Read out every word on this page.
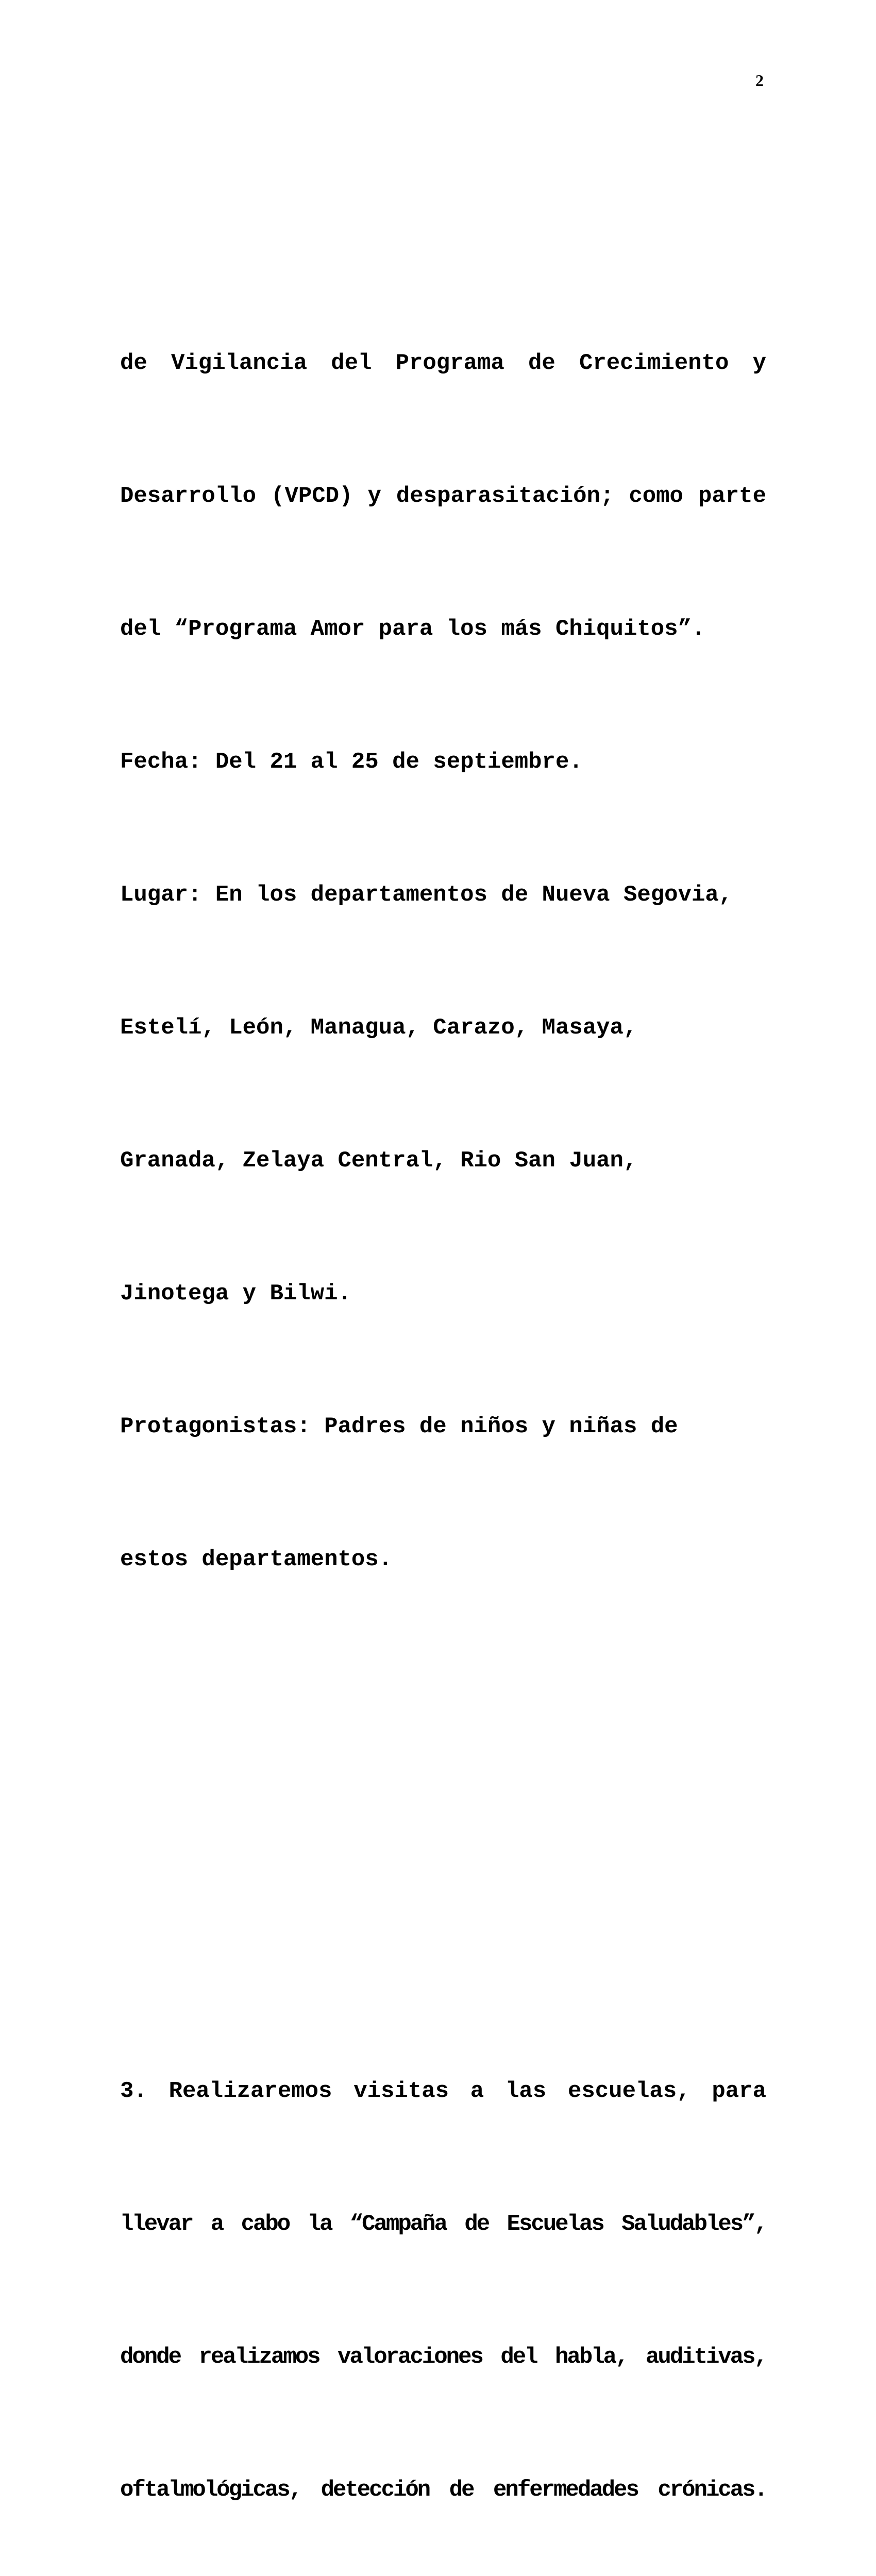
2

de Vigilancia del Programa de Crecimiento y

Desarrollo (VPCD) y desparasitación; como parte

del “Programa Amor para los más Chiquitos”.

Fecha: Del 21 al 25 de septiembre.

Lugar: En los departamentos de Nueva Segovia,

Estelí, León, Managua, Carazo, Masaya,

Granada, Zelaya Central, Rio San Juan,

Jinotega y Bilwi.

Protagonistas: Padres de niños y niñas de

estos departamentos.

3. Realizaremos visitas a las escuelas, para

llevar a cabo la “Campaña de Escuelas Saludables”,

donde realizamos valoraciones del habla, auditivas,

oftalmológicas, detección de enfermedades crónicas.
